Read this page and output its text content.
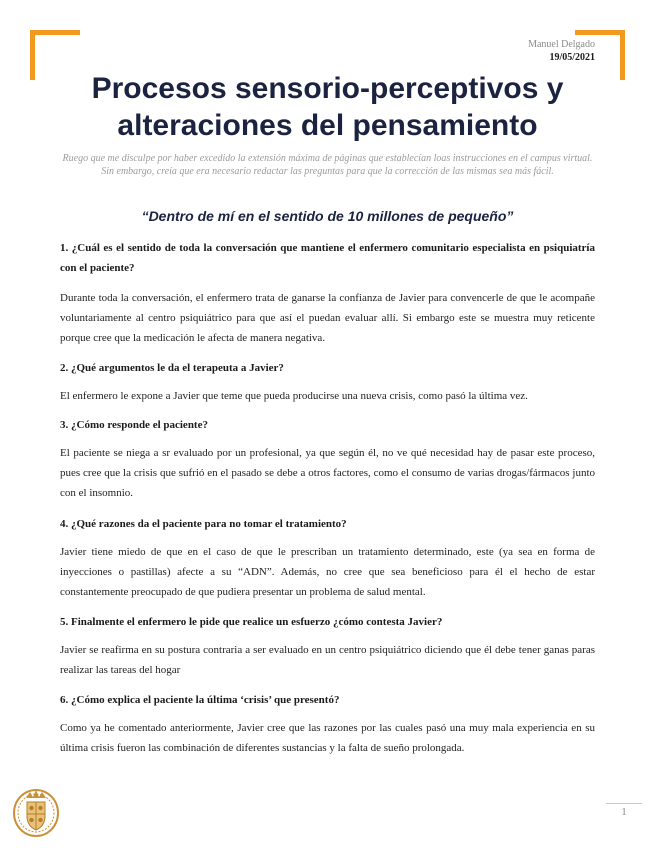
Manuel Delgado
19/05/2021
Procesos sensorio-perceptivos y alteraciones del pensamiento

Ruego que me disculpe por haber excedido la extensión máxima de páginas que establecían loas instrucciones en el campus virtual. Sin embargo, creía que era necesario redactar las preguntas para que la corrección de las mismas sea más fácil.

“Dentro de mí en el sentido de 10 millones de pequeño”

1. ¿Cuál es el sentido de toda la conversación que mantiene el enfermero comunitario especialista en psiquiatría con el paciente?

Durante toda la conversación, el enfermero trata de ganarse la confianza de Javier para convencerle de que le acompañe voluntariamente al centro psiquiátrico para que así el puedan evaluar allí. Si embargo este se muestra muy reticente porque cree que la medicación le afecta de manera negativa.

2. ¿Qué argumentos le da el terapeuta a Javier?

El enfermero le expone a Javier que teme que pueda producirse una nueva crisis, como pasó la última vez.

3. ¿Cómo responde el paciente?

El paciente se niega a sr evaluado por un profesional, ya que según él, no ve qué necesidad hay de pasar este proceso, pues cree que la crisis que sufrió en el pasado se debe a otros factores, como el consumo de varias drogas/fármacos junto con el insomnio.

4. ¿Qué razones da el paciente para no tomar el tratamiento?

Javier tiene miedo de que en el caso de que le prescriban un tratamiento determinado, este (ya sea en forma de inyecciones o pastillas) afecte a su “ADN”. Además, no cree que sea beneficioso para él el hecho de estar constantemente preocupado de que pudiera presentar un problema de salud mental.

5. Finalmente el enfermero le pide que realice un esfuerzo ¿cómo contesta Javier?

Javier se reafirma en su postura contraria a ser evaluado en un centro psiquiátrico diciendo que él debe tener ganas paras realizar las tareas del hogar

6. ¿Cómo explica el paciente la última ‘crisis’ que presentó?

Como ya he comentado anteriormente, Javier cree que las razones por las cuales pasó una muy mala experiencia en su última crisis fueron las combinación de diferentes sustancias y la falta de sueño prolongada.

1
